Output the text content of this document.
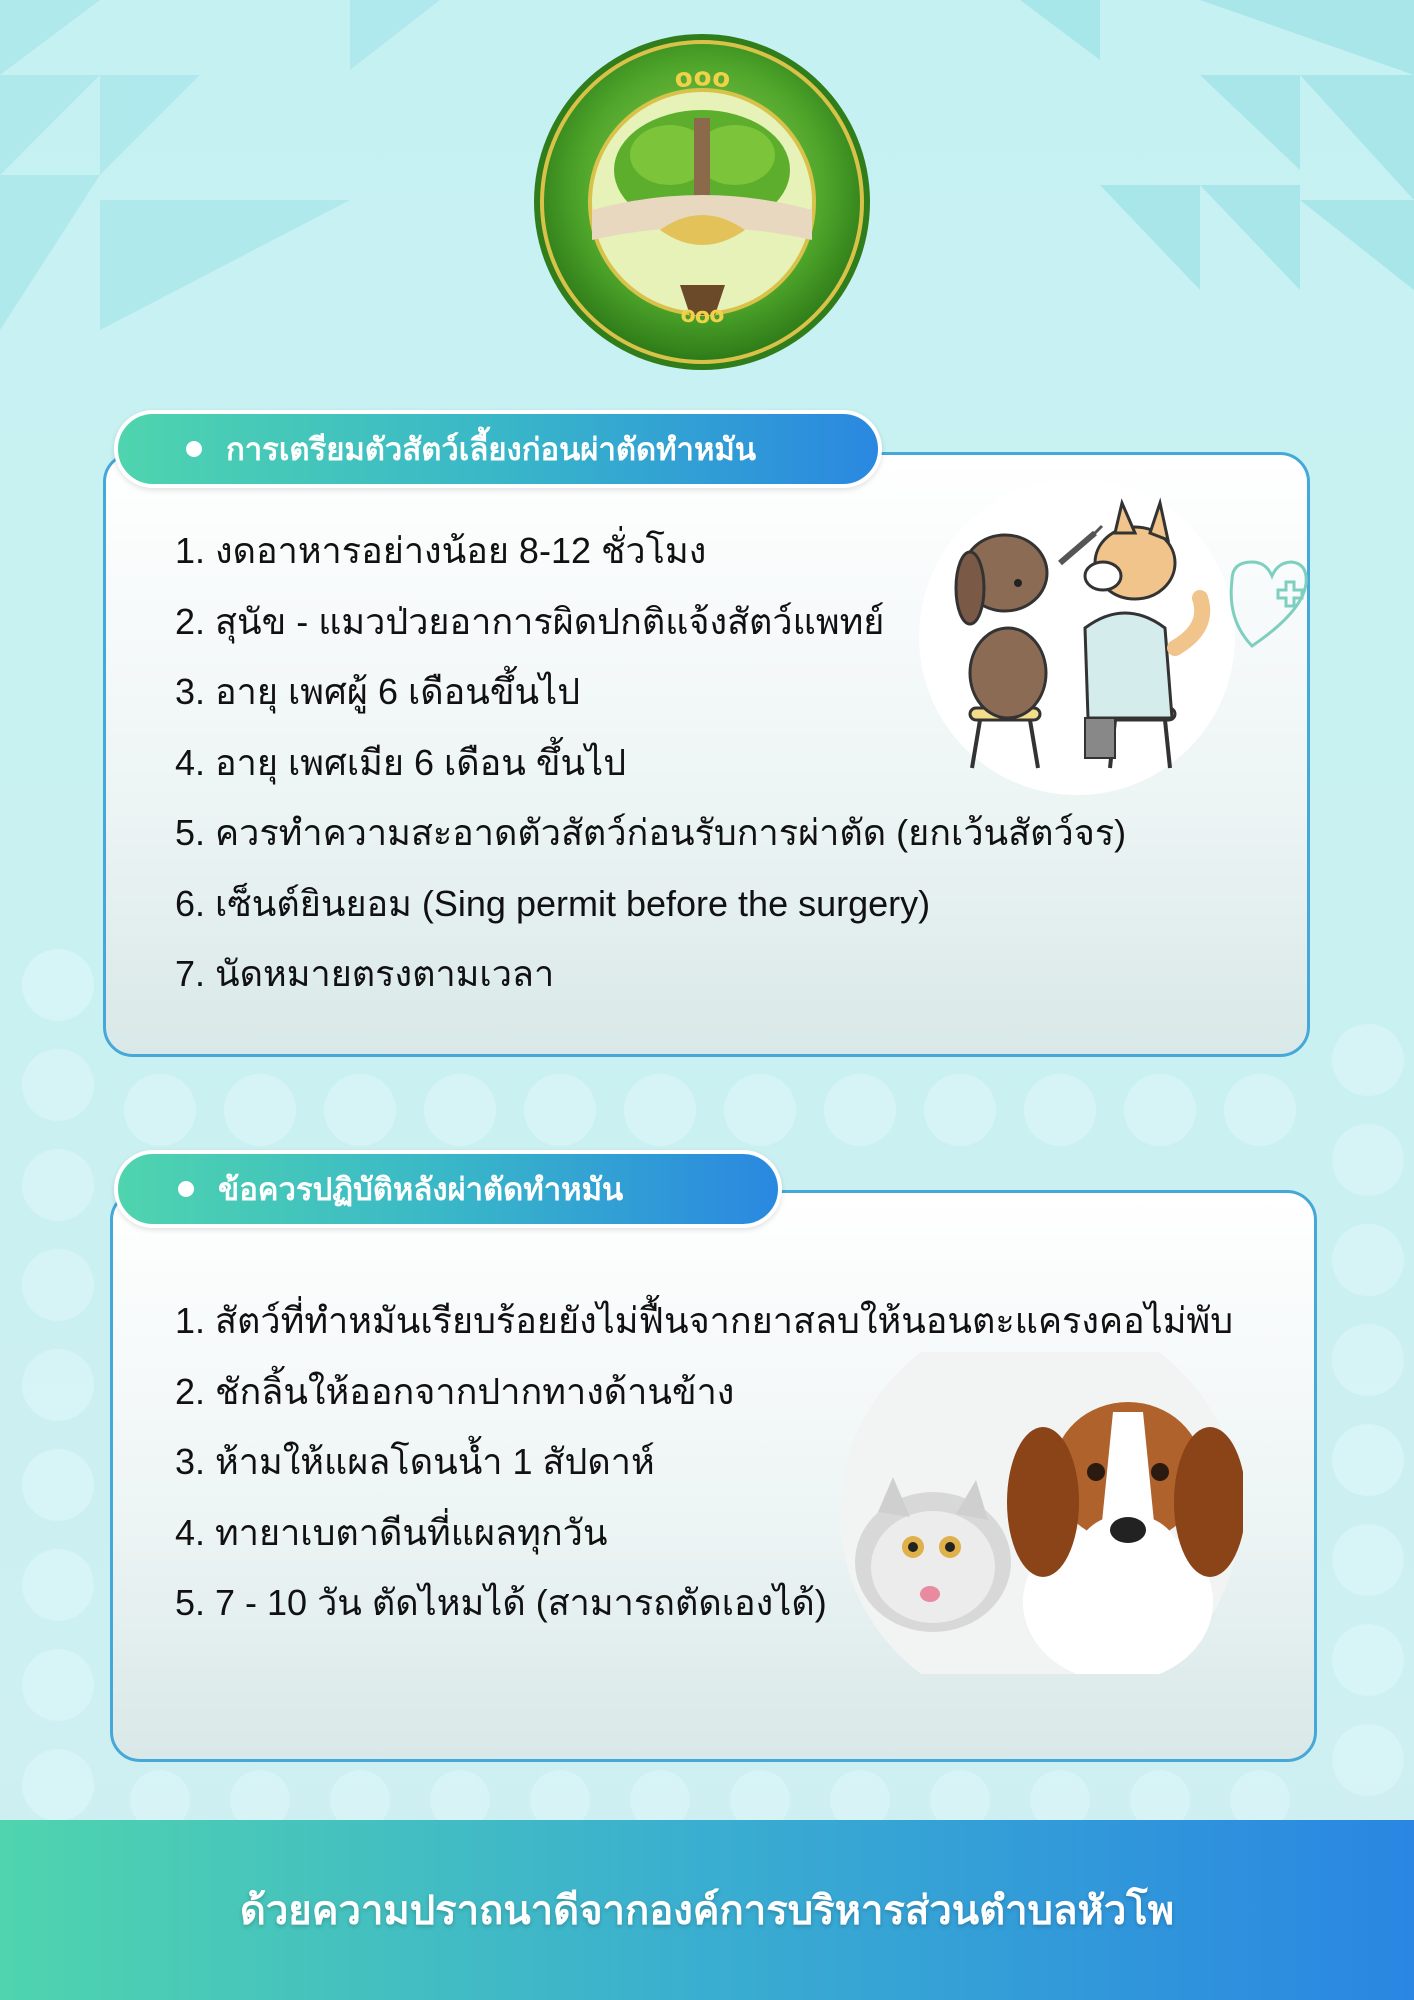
ooo
ooo
การเตรียมตัวสัตว์เลี้ยงก่อนผ่าตัดทำหมัน
1. งดอาหารอย่างน้อย 8-12 ชั่วโมง
2. สุนัข - แมวป่วยอาการผิดปกติแจ้งสัตว์แพทย์
3. อายุ เพศผู้ 6 เดือนขึ้นไป
4. อายุ เพศเมีย 6 เดือน ขึ้นไป
5. ควรทำความสะอาดตัวสัตว์ก่อนรับการผ่าตัด (ยกเว้นสัตว์จร)
6. เซ็นต์ยินยอม (Sing permit before the surgery)
7. นัดหมายตรงตามเวลา
ข้อควรปฏิบัติหลังผ่าตัดทำหมัน
1. สัตว์ที่ทำหมันเรียบร้อยยังไม่ฟื้นจากยาสลบให้นอนตะแครงคอไม่พับ
2. ชักลิ้นให้ออกจากปากทางด้านข้าง
3. ห้ามให้แผลโดนน้ำ 1 สัปดาห์
4. ทายาเบตาดีนที่แผลทุกวัน
5. 7 - 10 วัน ตัดไหมได้ (สามารถตัดเองได้)
ด้วยความปราถนาดีจากองค์การบริหารส่วนตำบลหัวโพ
